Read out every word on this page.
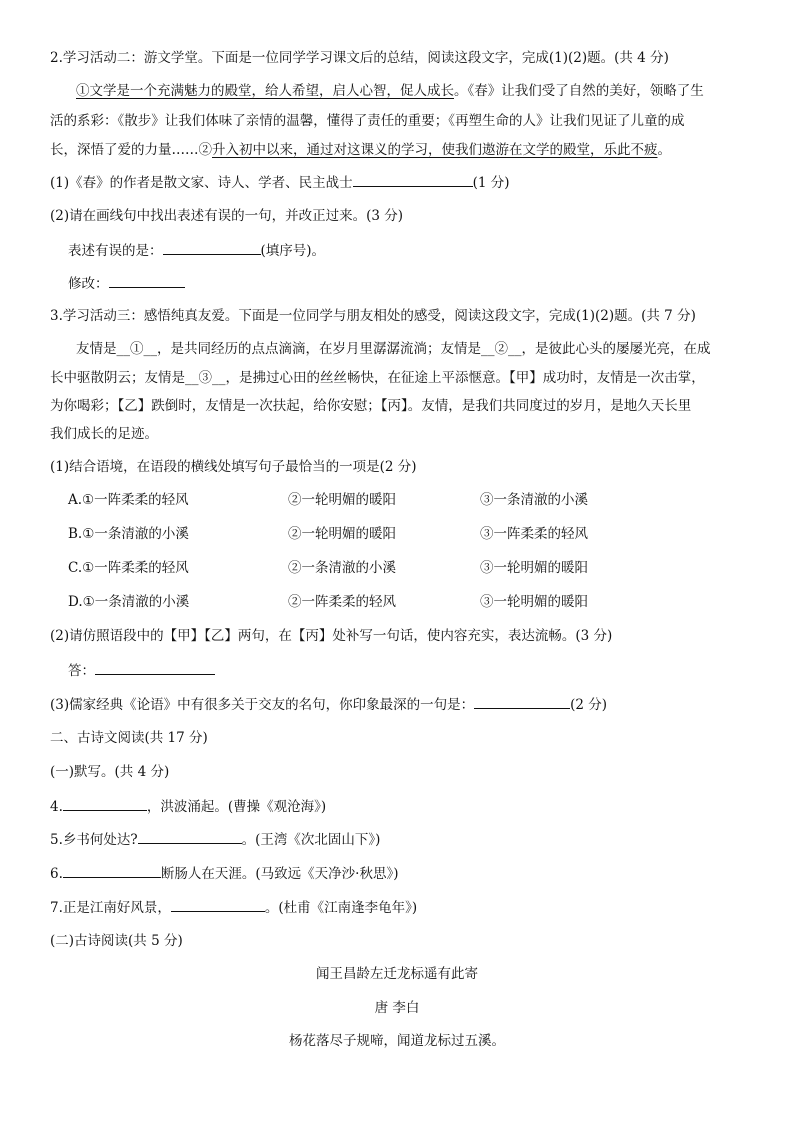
2.学习活动二：游文学堂。下面是一位同学学习课文后的总结，阅读这段文字，完成(1)(2)题。(共 4 分)
①文学是一个充满魅力的殿堂，给人希望，启人心智，促人成长。《春》让我们受了自然的美好，领略了生
活的系彩：《散步》让我们体味了亲情的温馨，懂得了责任的重要；《再塑生命的人》让我们见证了儿童的成
长，深悟了爱的力量……②升入初中以来，通过对这课义的学习，使我们遨游在文学的殿堂，乐此不疲。
(1)《春》的作者是散文家、诗人、学者、民主战士	(1 分)
(2)请在画线句中找出表述有误的一句，并改正过来。(3 分)
表述有误的是：	(填序号)。
修改：
3.学习活动三：感悟纯真友爱。下面是一位同学与朋友相处的感受，阅读这段文字，完成(1)(2)题。(共 7 分)
友情是__①__，是共同经历的点点滴滴，在岁月里潺潺流淌；友情是__②__，是彼此心头的屡屡光亮，在成
长中驱散阴云；友情是__③__，是拂过心田的丝丝畅快，在征途上平添惬意。【甲】成功时，友情是一次击掌，
为你喝彩；【乙】跌倒时，友情是一次扶起，给你安慰；【丙】。友情，是我们共同度过的岁月，是地久天长里
我们成长的足迹。
(1)结合语境，在语段的横线处填写句子最恰当的一项是(2 分)
A.①一阵柔柔的轻风	②一轮明媚的暖阳	③一条清澈的小溪
B.①一条清澈的小溪	②一轮明媚的暖阳	③一阵柔柔的轻风
C.①一阵柔柔的轻风	②一条清澈的小溪	③一轮明媚的暖阳
D.①一条清澈的小溪	②一阵柔柔的轻风	③一轮明媚的暖阳
(2)请仿照语段中的【甲】【乙】两句，在【丙】处补写一句话，使内容充实，表达流畅。(3 分)
答：
(3)儒家经典《论语》中有很多关于交友的名句，你印象最深的一句是：	(2 分)
二、古诗文阅读(共 17 分)
(一)默写。(共 4 分)
4.	，洪波涌起。(曹操《观沧海》)
5.乡书何处达?	。(王湾《次北固山下》)
6.	断肠人在天涯。(马致远《天净沙·秋思》)
7.正是江南好风景，	。(杜甫《江南逢李龟年》)
(二)古诗阅读(共 5 分)
闻王昌龄左迁龙标遥有此寄
唐 李白
杨花落尽子规啼，闻道龙标过五溪。
